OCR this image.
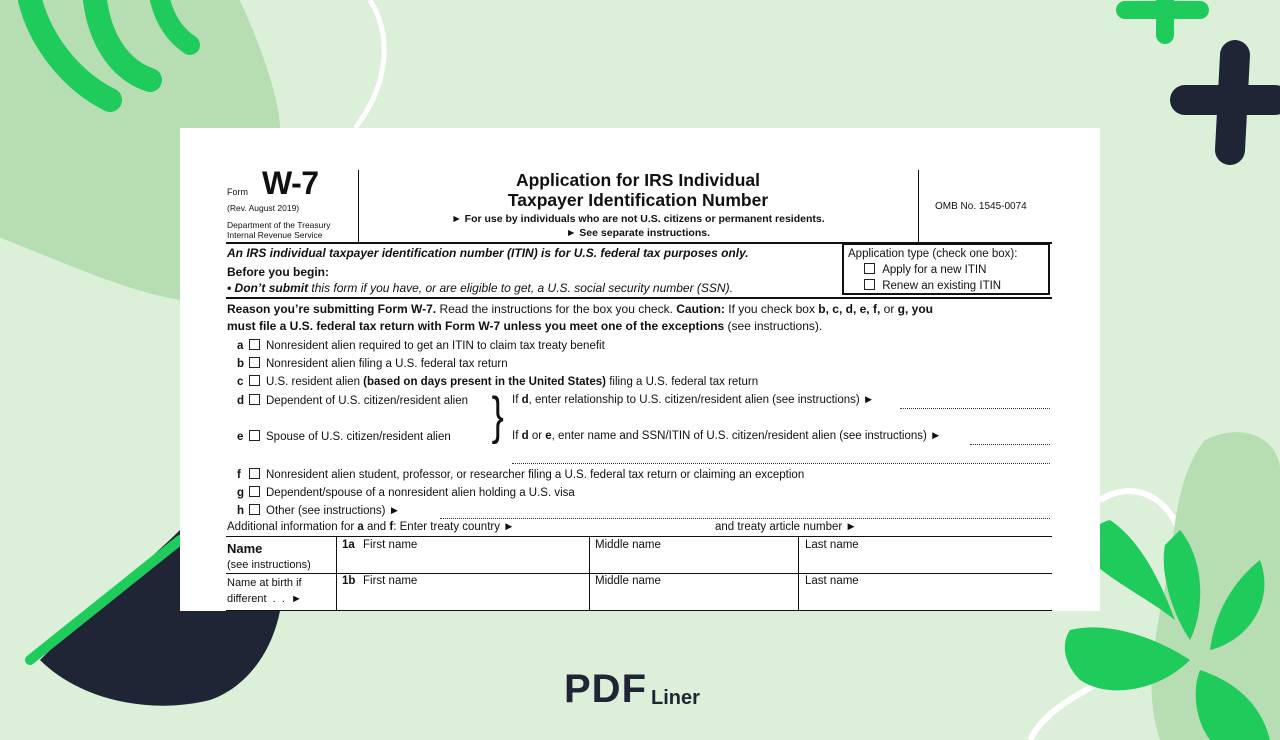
Form W-7
(Rev. August 2019)
Department of the Treasury
Internal Revenue Service
Application for IRS Individual
Taxpayer Identification Number
► For use by individuals who are not U.S. citizens or permanent residents.
► See separate instructions.
OMB No. 1545-0074
An IRS individual taxpayer identification number (ITIN) is for U.S. federal tax purposes only.
Before you begin:
• Don’t submit this form if you have, or are eligible to get, a U.S. social security number (SSN).
Application type (check one box):
Apply for a new ITIN
Renew an existing ITIN
Reason you’re submitting Form W-7. Read the instructions for the box you check. Caution: If you check box b, c, d, e, f, or g, you
must file a U.S. federal tax return with Form W-7 unless you meet one of the exceptions (see instructions).
a Nonresident alien required to get an ITIN to claim tax treaty benefit
b Nonresident alien filing a U.S. federal tax return
c U.S. resident alien (based on days present in the United States) filing a U.S. federal tax return
d Dependent of U.S. citizen/resident alien
e Spouse of U.S. citizen/resident alien } If d, enter relationship to U.S. citizen/resident alien (see instructions) ►
If d or e, enter name and SSN/ITIN of U.S. citizen/resident alien (see instructions) ►
f Nonresident alien student, professor, or researcher filing a U.S. federal tax return or claiming an exception
g Dependent/spouse of a nonresident alien holding a U.S. visa
h Other (see instructions) ►
Additional information for a and f: Enter treaty country ►	and treaty article number ►
Name
(see instructions)
1a First name	Middle name	Last name
Name at birth if
different  .  .  ►
1b First name	Middle name	Last name
PDF Liner
